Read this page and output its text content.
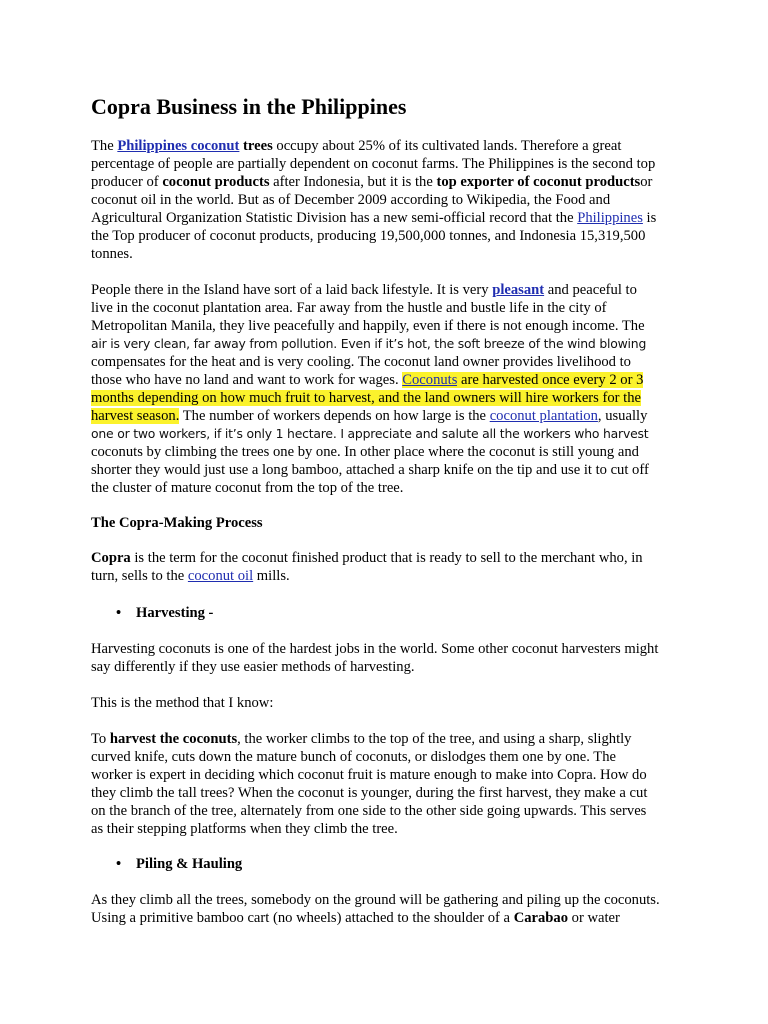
Copra Business in the Philippines
The Philippines coconut trees occupy about 25% of its cultivated lands. Therefore a great
percentage of people are partially dependent on coconut farms. The Philippines is the second top
producer of coconut products after Indonesia, but it is the top exporter of coconut productsor
coconut oil in the world. But as of December 2009 according to Wikipedia, the Food and
Agricultural Organization Statistic Division has a new semi-official record that the Philippines is
the Top producer of coconut products, producing 19,500,000 tonnes, and Indonesia 15,319,500
tonnes.
People there in the Island have sort of a laid back lifestyle. It is very pleasant and peaceful to
live in the coconut plantation area. Far away from the hustle and bustle life in the city of
Metropolitan Manila, they live peacefully and happily, even if there is not enough income. The
air is very clean, far away from pollution. Even if it’s hot, the soft breeze of the wind blowing
compensates for the heat and is very cooling. The coconut land owner provides livelihood to
those who have no land and want to work for wages. Coconuts are harvested once every 2 or 3
months depending on how much fruit to harvest, and the land owners will hire workers for the
harvest season. The number of workers depends on how large is the coconut plantation, usually
one or two workers, if it’s only 1 hectare. I appreciate and salute all the workers who harvest
coconuts by climbing the trees one by one. In other place where the coconut is still young and
shorter they would just use a long bamboo, attached a sharp knife on the tip and use it to cut off
the cluster of mature coconut from the top of the tree.
The Copra-Making Process
Copra is the term for the coconut finished product that is ready to sell to the merchant who, in
turn, sells to the coconut oil mills.
• Harvesting -
Harvesting coconuts is one of the hardest jobs in the world. Some other coconut harvesters might
say differently if they use easier methods of harvesting.
This is the method that I know:
To harvest the coconuts, the worker climbs to the top of the tree, and using a sharp, slightly
curved knife, cuts down the mature bunch of coconuts, or dislodges them one by one. The
worker is expert in deciding which coconut fruit is mature enough to make into Copra. How do
they climb the tall trees? When the coconut is younger, during the first harvest, they make a cut
on the branch of the tree, alternately from one side to the other side going upwards. This serves
as their stepping platforms when they climb the tree.
• Piling & Hauling
As they climb all the trees, somebody on the ground will be gathering and piling up the coconuts.
Using a primitive bamboo cart (no wheels) attached to the shoulder of a Carabao or water
